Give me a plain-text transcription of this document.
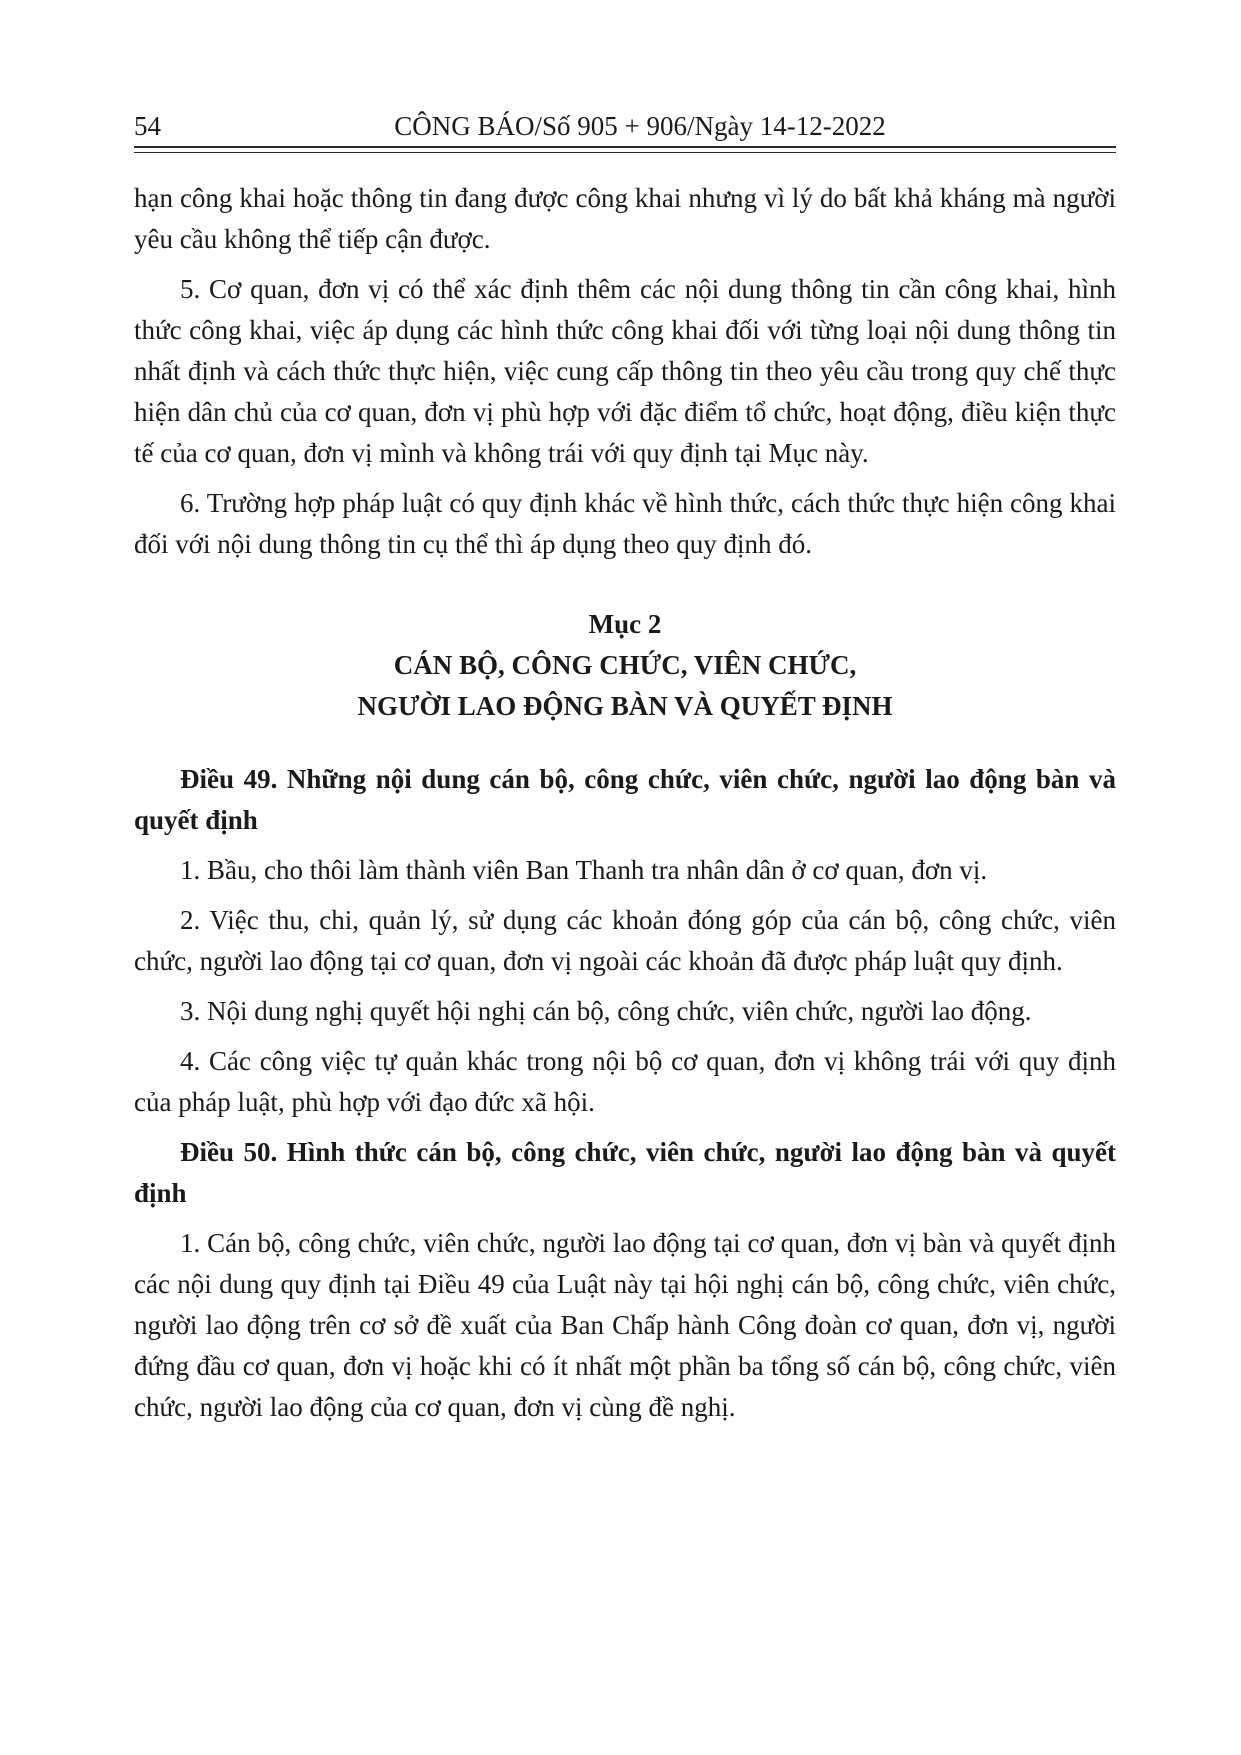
54	CÔNG BÁO/Số 905 + 906/Ngày 14-12-2022

hạn công khai hoặc thông tin đang được công khai nhưng vì lý do bất khả kháng mà người yêu cầu không thể tiếp cận được.

5. Cơ quan, đơn vị có thể xác định thêm các nội dung thông tin cần công khai, hình thức công khai, việc áp dụng các hình thức công khai đối với từng loại nội dung thông tin nhất định và cách thức thực hiện, việc cung cấp thông tin theo yêu cầu trong quy chế thực hiện dân chủ của cơ quan, đơn vị phù hợp với đặc điểm tổ chức, hoạt động, điều kiện thực tế của cơ quan, đơn vị mình và không trái với quy định tại Mục này.

6. Trường hợp pháp luật có quy định khác về hình thức, cách thức thực hiện công khai đối với nội dung thông tin cụ thể thì áp dụng theo quy định đó.

Mục 2
CÁN BỘ, CÔNG CHỨC, VIÊN CHỨC,
NGƯỜI LAO ĐỘNG BÀN VÀ QUYẾT ĐỊNH

Điều 49. Những nội dung cán bộ, công chức, viên chức, người lao động bàn và quyết định

1. Bầu, cho thôi làm thành viên Ban Thanh tra nhân dân ở cơ quan, đơn vị.

2. Việc thu, chi, quản lý, sử dụng các khoản đóng góp của cán bộ, công chức, viên chức, người lao động tại cơ quan, đơn vị ngoài các khoản đã được pháp luật quy định.

3. Nội dung nghị quyết hội nghị cán bộ, công chức, viên chức, người lao động.

4. Các công việc tự quản khác trong nội bộ cơ quan, đơn vị không trái với quy định của pháp luật, phù hợp với đạo đức xã hội.

Điều 50. Hình thức cán bộ, công chức, viên chức, người lao động bàn và quyết định

1. Cán bộ, công chức, viên chức, người lao động tại cơ quan, đơn vị bàn và quyết định các nội dung quy định tại Điều 49 của Luật này tại hội nghị cán bộ, công chức, viên chức, người lao động trên cơ sở đề xuất của Ban Chấp hành Công đoàn cơ quan, đơn vị, người đứng đầu cơ quan, đơn vị hoặc khi có ít nhất một phần ba tổng số cán bộ, công chức, viên chức, người lao động của cơ quan, đơn vị cùng đề nghị.
